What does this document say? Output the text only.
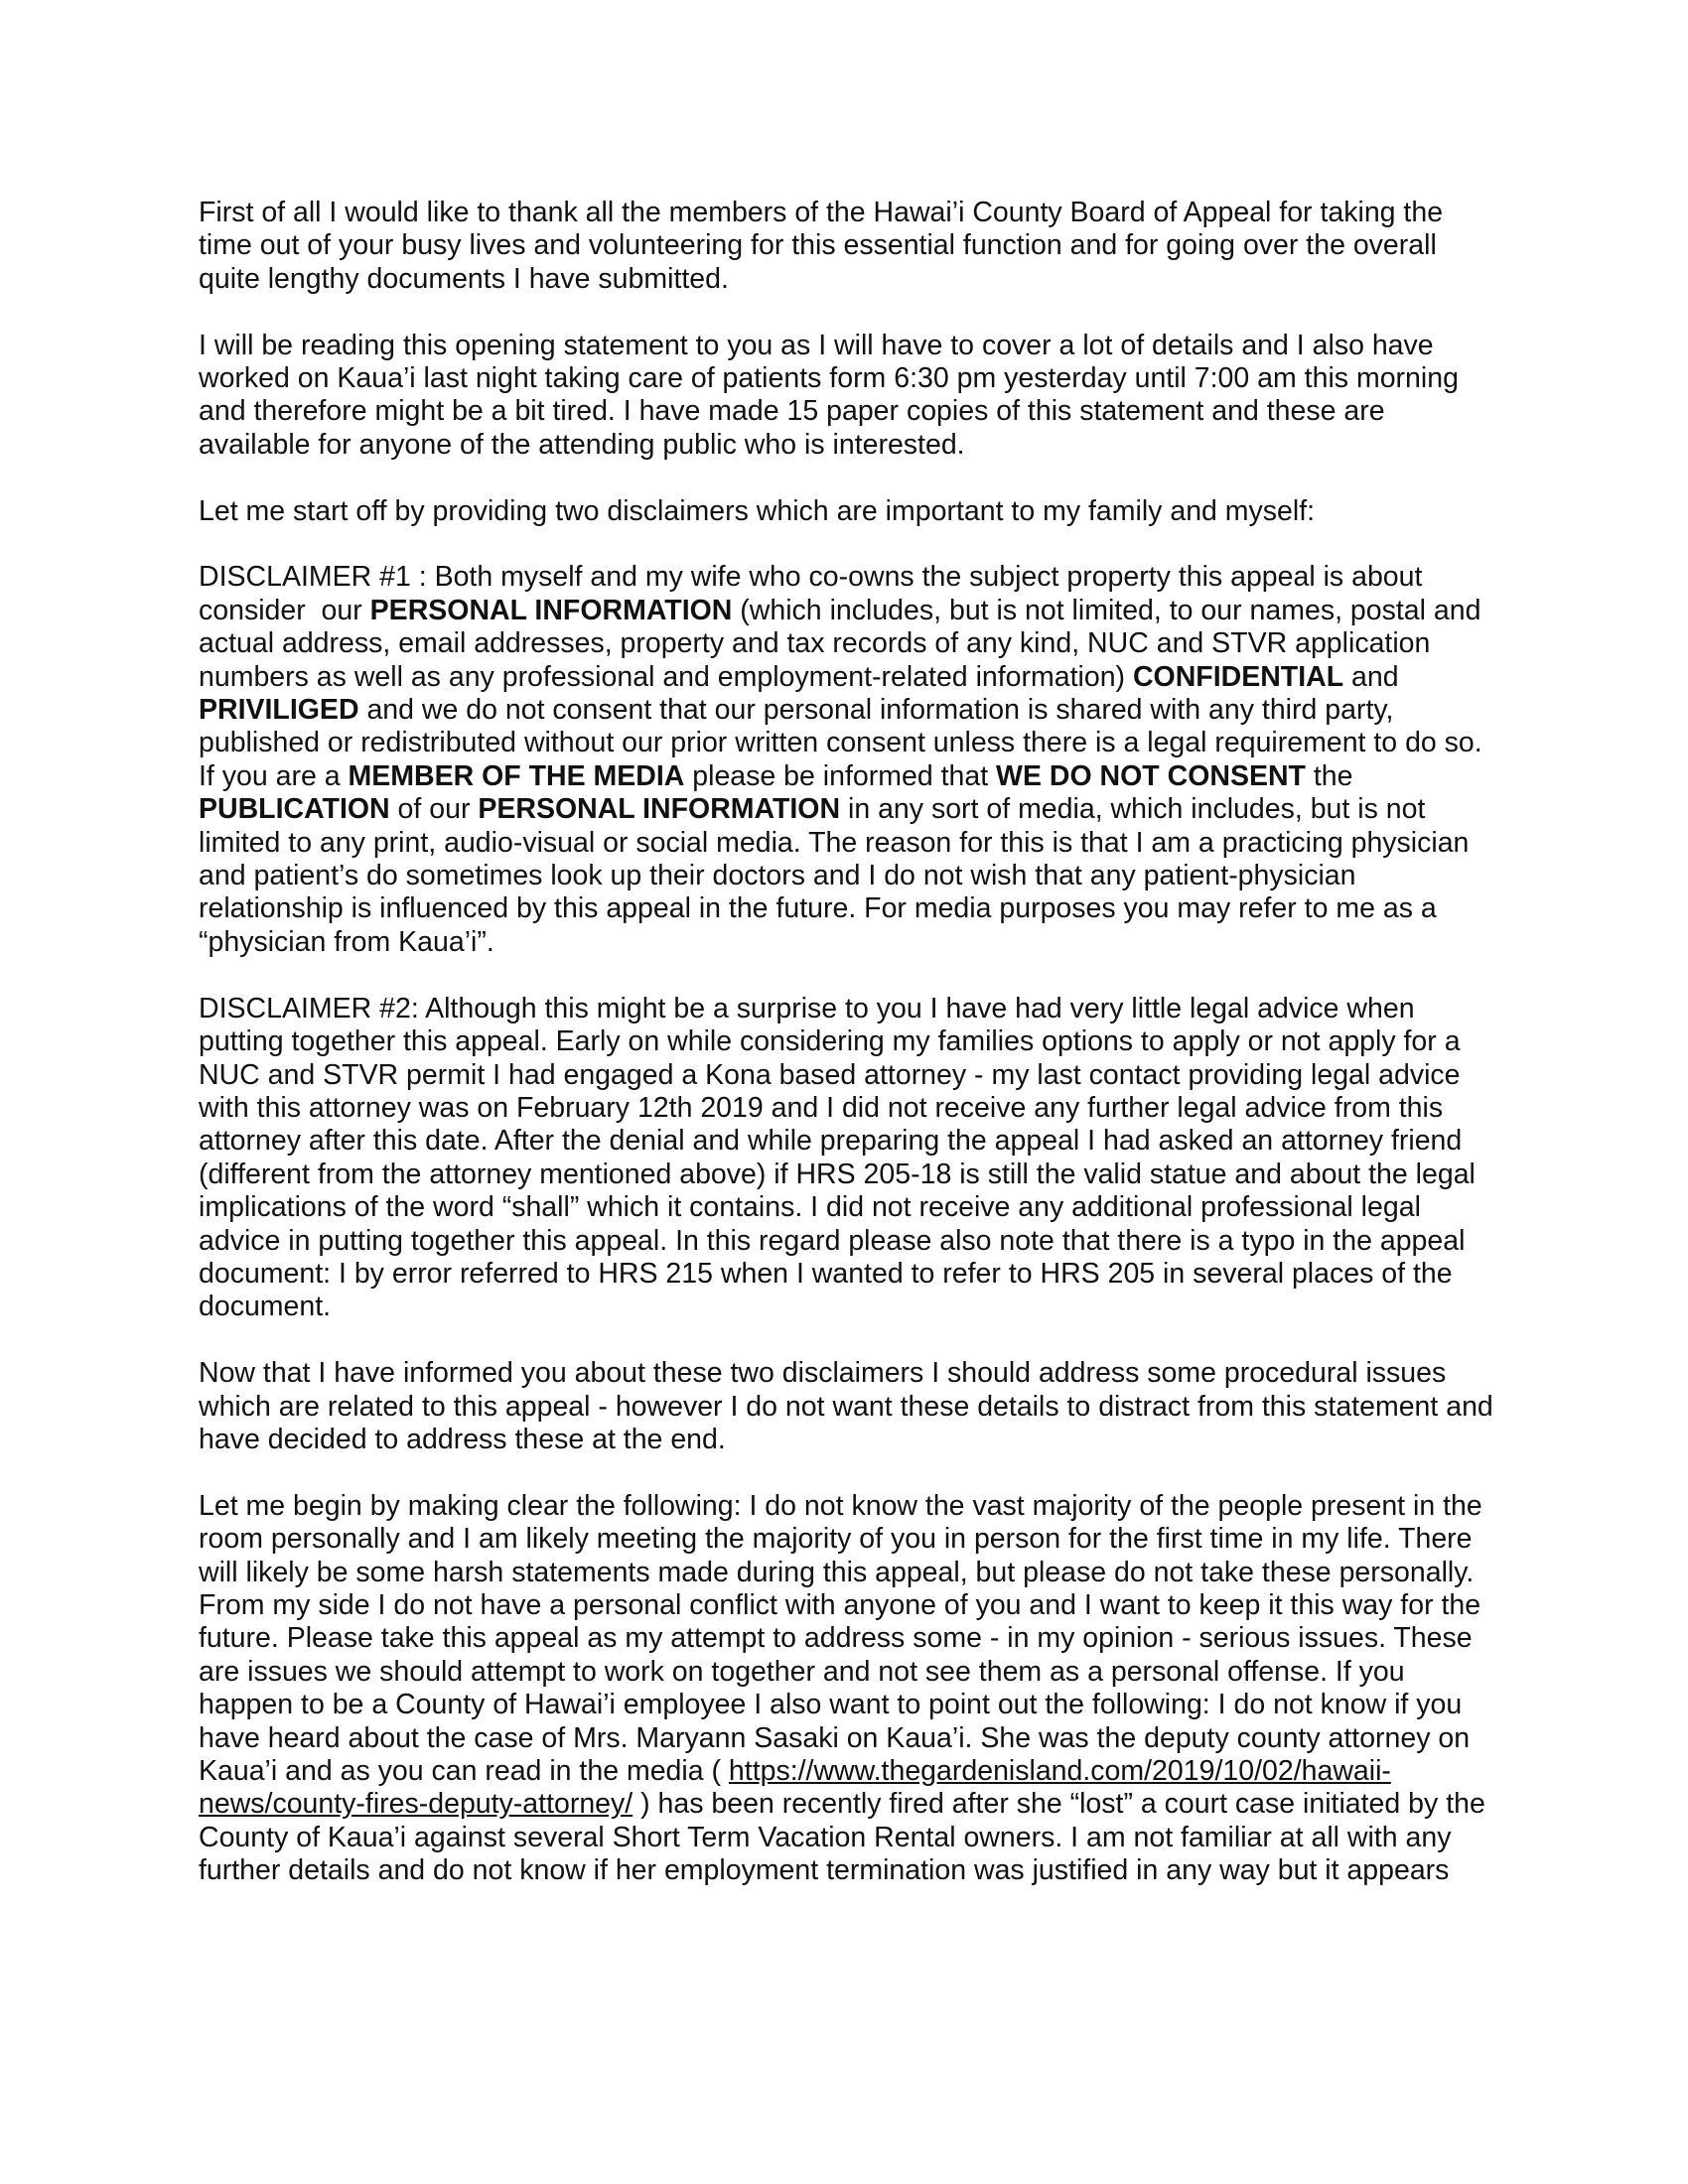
First of all I would like to thank all the members of the Hawai’i County Board of Appeal for taking the time out of your busy lives and volunteering for this essential function and for going over the overall quite lengthy documents I have submitted.

I will be reading this opening statement to you as I will have to cover a lot of details and I also have worked on Kaua’i last night taking care of patients form 6:30 pm yesterday until 7:00 am this morning and therefore might be a bit tired. I have made 15 paper copies of this statement and these are available for anyone of the attending public who is interested.

Let me start off by providing two disclaimers which are important to my family and myself:

DISCLAIMER #1 : Both myself and my wife who co-owns the subject property this appeal is about consider  our PERSONAL INFORMATION (which includes, but is not limited, to our names, postal and actual address, email addresses, property and tax records of any kind, NUC and STVR application numbers as well as any professional and employment-related information) CONFIDENTIAL and PRIVILIGED and we do not consent that our personal information is shared with any third party, published or redistributed without our prior written consent unless there is a legal requirement to do so. If you are a MEMBER OF THE MEDIA please be informed that WE DO NOT CONSENT the PUBLICATION of our PERSONAL INFORMATION in any sort of media, which includes, but is not limited to any print, audio-visual or social media. The reason for this is that I am a practicing physician and patient’s do sometimes look up their doctors and I do not wish that any patient-physician relationship is influenced by this appeal in the future. For media purposes you may refer to me as a “physician from Kaua’i”.

DISCLAIMER #2: Although this might be a surprise to you I have had very little legal advice when putting together this appeal. Early on while considering my families options to apply or not apply for a NUC and STVR permit I had engaged a Kona based attorney - my last contact providing legal advice with this attorney was on February 12th 2019 and I did not receive any further legal advice from this attorney after this date. After the denial and while preparing the appeal I had asked an attorney friend (different from the attorney mentioned above) if HRS 205-18 is still the valid statue and about the legal implications of the word “shall” which it contains. I did not receive any additional professional legal advice in putting together this appeal. In this regard please also note that there is a typo in the appeal document: I by error referred to HRS 215 when I wanted to refer to HRS 205 in several places of the document.

Now that I have informed you about these two disclaimers I should address some procedural issues which are related to this appeal - however I do not want these details to distract from this statement and have decided to address these at the end.

Let me begin by making clear the following: I do not know the vast majority of the people present in the room personally and I am likely meeting the majority of you in person for the first time in my life. There will likely be some harsh statements made during this appeal, but please do not take these personally. From my side I do not have a personal conflict with anyone of you and I want to keep it this way for the future. Please take this appeal as my attempt to address some - in my opinion - serious issues. These are issues we should attempt to work on together and not see them as a personal offense. If you happen to be a County of Hawai’i employee I also want to point out the following: I do not know if you have heard about the case of Mrs. Maryann Sasaki on Kaua’i. She was the deputy county attorney on Kaua’i and as you can read in the media ( https://www.thegardenisland.com/2019/10/02/hawaii-news/county-fires-deputy-attorney/ ) has been recently fired after she “lost” a court case initiated by the County of Kaua’i against several Short Term Vacation Rental owners. I am not familiar at all with any further details and do not know if her employment termination was justified in any way but it appears
